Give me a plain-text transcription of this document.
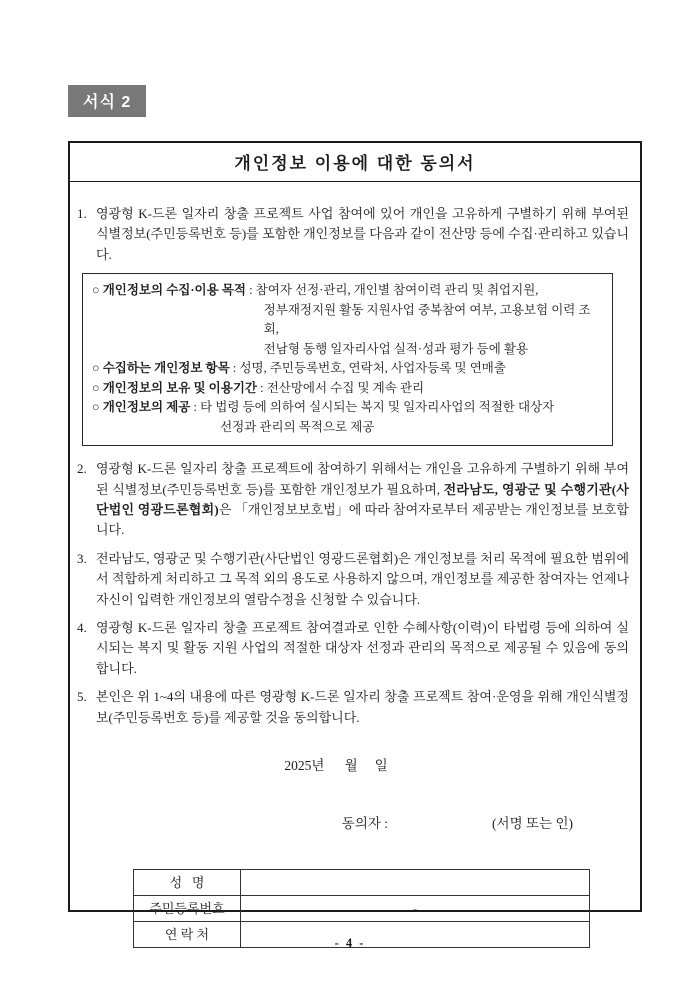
서식 2
개인정보 이용에 대한 동의서
1. 영광형 K-드론 일자리 창출 프로젝트 사업 참여에 있어 개인을 고유하게 구별하기 위해 부여된 식별정보(주민등록번호 등)를 포함한 개인정보를 다음과 같이 전산망 등에 수집·관리하고 있습니다.
○ 개인정보의 수집·이용 목적 : 참여자 선정·관리, 개인별 참여이력 관리 및 취업지원,
정부재정지원 활동 지원사업 중복참여 여부, 고용보험 이력 조회,
전남형 동행 일자리사업 실적·성과 평가 등에 활용
○ 수집하는 개인정보 항목 : 성명, 주민등록번호, 연락처, 사업자등록 및 연매출
○ 개인정보의 보유 및 이용기간 : 전산망에서 수집 및 계속 관리
○ 개인정보의 제공 : 타 법령 등에 의하여 실시되는 복지 및 일자리사업의 적절한 대상자
선정과 관리의 목적으로 제공
2. 영광형 K-드론 일자리 창출 프로젝트에 참여하기 위해서는 개인을 고유하게 구별하기 위해 부여된 식별정보(주민등록번호 등)를 포함한 개인정보가 필요하며, 전라남도, 영광군 및 수행기관(사단법인 영광드론협회)은 「개인정보보호법」에 따라 참여자로부터 제공받는 개인정보를 보호합니다.
3. 전라남도, 영광군 및 수행기관(사단법인 영광드론협회)은 개인정보를 처리 목적에 필요한 범위에서 적합하게 처리하고 그 목적 외의 용도로 사용하지 않으며, 개인정보를 제공한 참여자는 언제나 자신이 입력한 개인정보의 열람수정을 신청할 수 있습니다.
4. 영광형 K-드론 일자리 창출 프로젝트 참여결과로 인한 수혜사항(이력)이 타법령 등에 의하여 실시되는 복지 및 활동 지원 사업의 적절한 대상자 선정과 관리의 목적으로 제공될 수 있음에 동의합니다.
5. 본인은 위 1~4의 내용에 따른 영광형 K-드론 일자리 창출 프로젝트 참여·운영을 위해 개인식별정보(주민등록번호 등)를 제공할 것을 동의합니다.
2025년      월     일
동의자 :	(서명 또는 인)
성   명	
주민등록번호	-
연 락 처	
- 4 -
